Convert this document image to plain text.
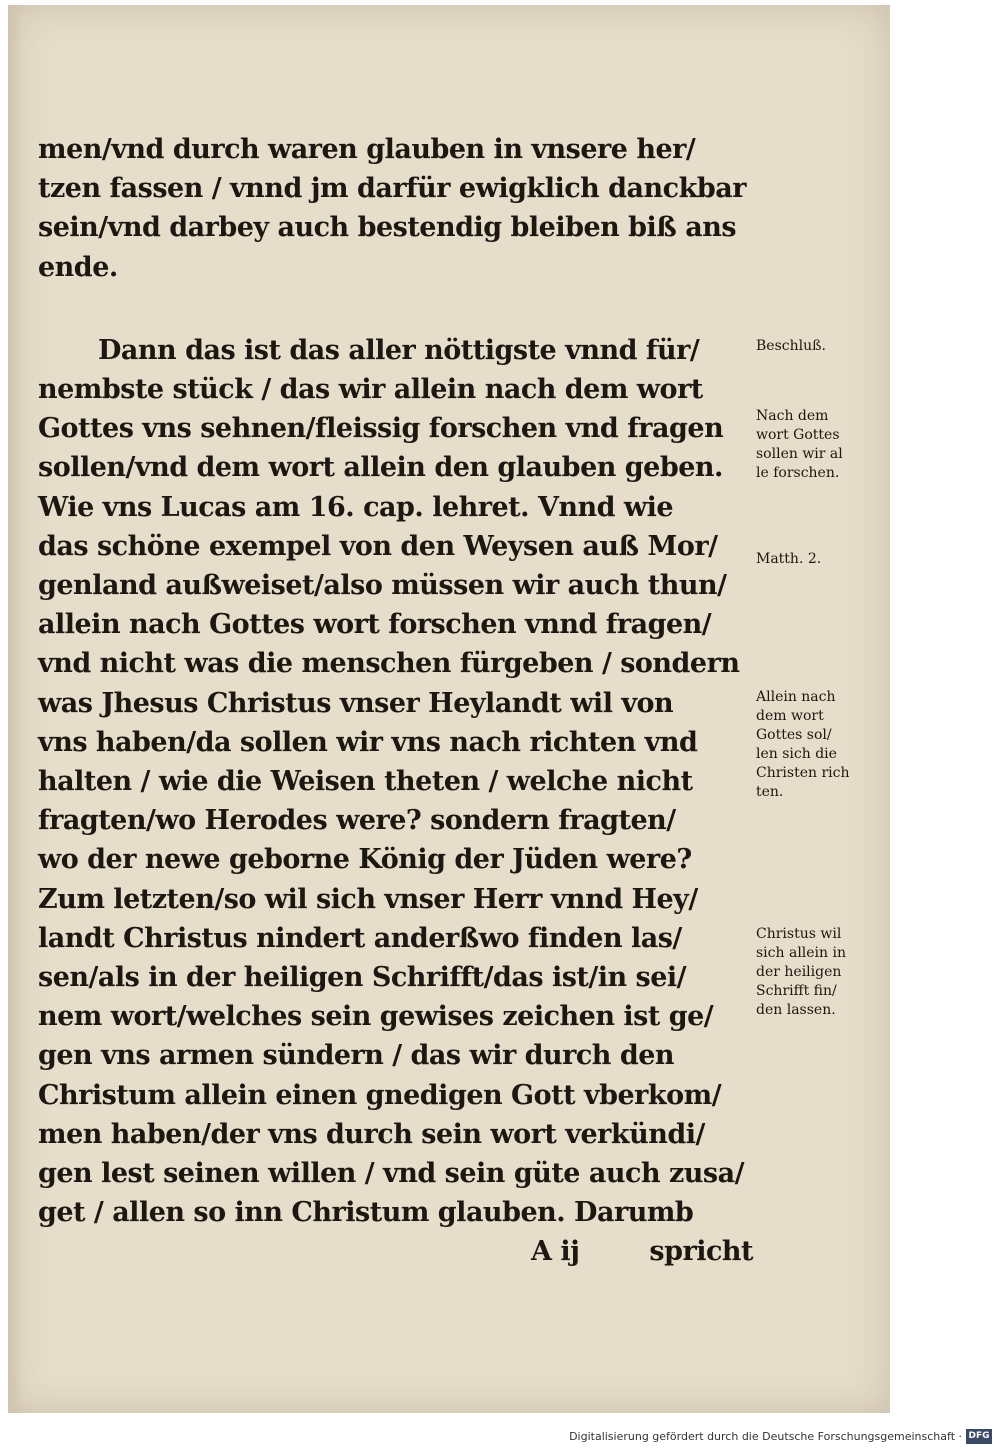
men/vnd durch waren glauben in vnsere her/
tzen fassen / vnnd jm darfür ewigklich danckbar
sein/vnd darbey auch bestendig bleiben biß ans
ende.
Dann das ist das aller nöttigste vnnd für/
nembste stück / das wir allein nach dem wort
Gottes vns sehnen/fleissig forschen vnd fragen
sollen/vnd dem wort allein den glauben geben.
Wie vns Lucas am 16. cap. lehret. Vnnd wie
das schöne exempel von den Weysen auß Mor/
genland außweiset/also müssen wir auch thun/
allein nach Gottes wort forschen vnnd fragen/
vnd nicht was die menschen fürgeben / sondern
was Jhesus Christus vnser Heylandt wil von
vns haben/da sollen wir vns nach richten vnd
halten / wie die Weisen theten / welche nicht
fragten/wo Herodes were? sondern fragten/
wo der newe geborne König der Jüden were?
Zum letzten/so wil sich vnser Herr vnnd Hey/
landt Christus nindert anderßwo finden las/
sen/als in der heiligen Schrifft/das ist/in sei/
nem wort/welches sein gewises zeichen ist ge/
gen vns armen sündern / das wir durch den
Christum allein einen gnedigen Gott vberkom/
men haben/der vns durch sein wort verkündi/
gen lest seinen willen / vnd sein güte auch zusa/
get / allen so inn Christum glauben. Darumb
A ij	spricht
Beschluß.
Nach dem
wort Gottes
sollen wir al
le forschen.
Matth. 2.
Allein nach
dem wort
Gottes sol/
len sich die
Christen rich
ten.
Christus wil
sich allein in
der heiligen
Schrifft fin/
den lassen.
Digitalisierung gefördert durch die Deutsche Forschungsgemeinschaft · DFG
